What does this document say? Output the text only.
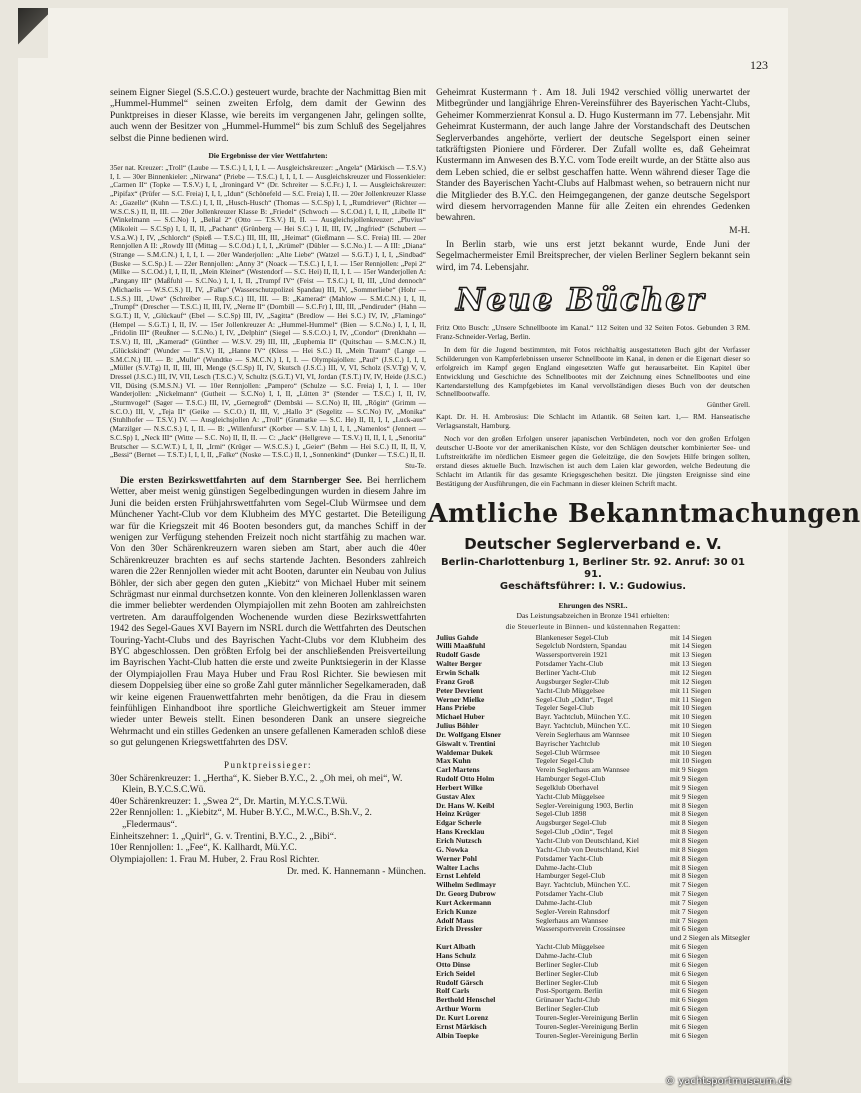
123

seinem Eigner Siegel (S.S.C.O.) gesteuert wurde, brachte der Nachmittag Bien mit „Hummel-Hummel“ seinen zweiten Erfolg, dem damit der Gewinn des Punktpreises in dieser Klasse, wie bereits im vergangenen Jahr, gelingen sollte, auch wenn der Besitzer von „Hummel-Hummel“ bis zum Schluß des Segeljahres selbst die Pinne bedienen wird.

Die Ergebnisse der vier Wettfahrten:

35er nat. Kreuzer: „Troll“ (Laube — T.S.C.) I, I, I, I. — Ausgleichskreuzer: „Angela“ (Märkisch — T.S.V.) I, I. — 30er Binnenkieler: „Nirwana“ (Priebe — T.S.C.) I, I, I, I. — Ausgleichskreuzer und Flossenkieler: „Carmen II“ (Topke — T.S.V.) I, I, „Ironingard V“ (Dr. Schreiter — S.C.Fr.) I, I. — Ausgleichskreuzer: „Pipifax“ (Prüfer — S.C. Freia) I, I, I, „Idun“ (Schönefeld — S.C. Freia) I, II. — 20er Jollenkreuzer Klasse A: „Gazelle“ (Kuhn — T.S.C.) I, I, II, „Husch-Husch“ (Thomas — S.C.Sp) I, I, „Rumdriever“ (Richter — W.S.C.S.) II, II, III. — 20er Jollenkreuzer Klasse B: „Friedel“ (Schwoch — S.C.Od.) I, I, II, „Libelle II“ (Winkelmann — S.C.No) I, „Belial 2“ (Otto — T.S.V.) II, II. — Ausgleichsjollenkreuzer: „Pluvius“ (Mikoleit — S.C.Sp) I, I, II, II, „Pachant“ (Grünberg — Hei S.C.) I, II, III, IV, „Ingfried“ (Schubert — V.S.a.W.) I, IV, „Schlorch“ (Spieß — T.S.C.) III, III, III, „Heimat“ (Gießmann — S.C. Freia) III. — 20er Rennjollen A II: „Rowdy III (Mittag — S.C.Od.) I, I, I, „Krümel“ (Dübler — S.C.No.) I. — A III: „Diana“ (Strange — S.M.C.N.) I, I, I, I. — 20er Wanderjollen: „Alte Liebe“ (Watzel — S.G.T.) I, I, I, „Sindbad“ (Buske — S.C.Sp.) I. — 22er Rennjollen: „Anny 3“ (Noack — T.S.C.) I, I, I. — 15er Rennjollen: „Pepi 2“ (Milke — S.C.Od.) I, I, II, II, „Mein Kleiner“ (Westendorf — S.C. Hei) II, II, I, I. — 15er Wanderjollen A: „Pangany III“ (Maßfuhl — S.C.No.) I, I, I, II, „Trumpf IV“ (Feist — T.S.C.) I, II, III, „Und dennoch“ (Michaelis — W.S.C.S.) II, IV, „Falke“ (Wasserschutzpolizei Spandau) III, IV, „Sommerliebe“ (Hohr — L.S.S.) III, „Uwe“ (Schreiber — Rup.S.C.) III, III. — B: „Kamerad“ (Mahlow — S.M.C.N.) I, I, II, „Trumpf“ (Drescher — T.S.C.) II, III, IV, „Nerne II“ (Dornbill — S.C.Fr) I, III, III, „Pendiruder“ (Hahn — S.G.T.) II, V, „Glückauf“ (Ebel — S.C.Sp) III, IV, „Sagitta“ (Bredlow — Hei S.C.) IV, IV, „Flamingo“ (Hempel — S.G.T.) I, II, IV. — 15er Jollenkreuzer A: „Hummel-Hummel“ (Bien — S.C.No.) I, I, I, II, „Fridolin III“ (Reußner — S.C.No.) I, IV, „Delphin“ (Siegel — S.S.C.O.) I, IV, „Condor“ (Drenkhahn — T.S.V.) II, III, „Kamerad“ (Günther — W.S.V. 29) III, III, „Euphemia II“ (Quitschau — S.M.C.N.) II, „Glückskind“ (Wunder — T.S.V.) II, „Hanne IV“ (Kless — Hei S.C.) II, „Mein Traum“ (Lange — S.M.C.N.) III. — B: „Mulle“ (Wundtke — S.M.C.N.) I, I, I. — Olympiajollen: „Paul“ (J.S.C.) I, I, I, „Müller (S.V.Tg) II, II, III, III, Menge (S.C.Sp) II, IV, Skutsch (J.S.C.) III, V, VI, Scholz (S.V.Tg) V, V, Dressel (J.S.C.) III, IV, VII, Lesch (T.S.C.) V, Schultz (S.G.T.) VI, VI, Jordan (T.S.T.) IV, IV, Heide (J.S.C.) VII, Düsing (S.M.S.N.) VI. — 10er Rennjollen: „Pampero“ (Schulze — S.C. Freia) I, I, I. — 10er Wanderjollen: „Nickelmann“ (Gutheit — S.C.No) I, I, II, „Lütten 3“ (Stender — T.S.C.) I, II, IV, „Sturmvogel“ (Sager — T.S.C.) III, IV, „Gernegroß“ (Dembski — S.C.No) II, III, „Rögin“ (Grimm — S.C.O.) III, V, „Teja II“ (Geike — S.C.O.) II, III, V, „Hallo 3“ (Segelitz — S.C.No) IV, „Monika“ (Stuhlhofer — T.S.V.) IV. — Ausgleichsjollen A: „Troll“ (Gramatke — S.C. He) II, II, I, I, „Luck-aus“ (Marzilger — N.S.C.S.) I, I, II. — B: „Willenfurst“ (Korber — S.V. Lh) I, I, I, „Namenlos“ (Jennert — S.C.Sp) I, „Neck III“ (Witte — S.C. No) II, II, II. — C: „Jack“ (Hellgreve — T.S.V.) II, II, I, I, „Senorita“ Brutscher — S.C.W.T.) I, I, II, „Irmi“ (Krüger — W.S.C.S.) I, „Geier“ (Behm — Hei S.C.) II, II, II, V, „Bessi“ (Bernet — T.S.T.) I, I, I, II, „Falke“ (Noske — T.S.C.) II, I, „Sonnenkind“ (Dunker — T.S.C.) II, II.

Stu-Te.

Die ersten Bezirkswettfahrten auf dem Starnberger See. Bei herrlichem Wetter, aber meist wenig günstigen Segelbedingungen wurden in diesem Jahre im Juni die beiden ersten Frühjahrswettfahrten vom Segel-Club Würmsee und dem Münchener Yacht-Club vor dem Klubheim des MYC gestartet. Die Beteiligung war für die Kriegszeit mit 46 Booten besonders gut, da manches Schiff in der wenigen zur Verfügung stehenden Freizeit noch nicht startfähig zu machen war. Von den 30er Schärenkreuzern waren sieben am Start, aber auch die 40er Schärenkreuzer brachten es auf sechs startende Jachten. Besonders zahlreich waren die 22er Rennjollen wieder mit acht Booten, darunter ein Neubau von Julius Böhler, der sich aber gegen den guten „Kiebitz“ von Michael Huber mit seinem Schrägmast nur einmal durchsetzen konnte. Von den kleineren Jollenklassen waren die immer beliebter werdenden Olympiajollen mit zehn Booten am zahlreichsten vertreten. Am darauffolgenden Wochenende wurden diese Bezirkswettfahrten 1942 des Segel-Gaues XVI Bayern im NSRL durch die Wettfahrten des Deutschen Touring-Yacht-Clubs und des Bayrischen Yacht-Clubs vor dem Klubheim des BYC abgeschlossen. Den größten Erfolg bei der anschließenden Preisverteilung im Bayrischen Yacht-Club hatten die erste und zweite Punktsiegerin in der Klasse der Olympiajollen Frau Maya Huber und Frau Rosl Richter. Sie bewiesen mit diesem Doppelsieg über eine so große Zahl guter männlicher Segelkameraden, daß wir keine eigenen Frauenwettfahrten mehr benötigen, da die Frau in diesem feinfühligen Einhandboot ihre sportliche Gleichwertigkeit am Steuer immer wieder unter Beweis stellt. Einen besonderen Dank an unsere siegreiche Wehrmacht und ein stilles Gedenken an unsere gefallenen Kameraden schloß diese so gut gelungenen Kriegswettfahrten des DSV.

Punktpreissieger:

30er Schärenkreuzer: 1. „Hertha“, K. Sieber B.Y.C., 2. „Oh mei, oh mei“, W. Klein, B.Y.C.S.C.Wü.

40er Schärenkreuzer: 1. „Swea 2“, Dr. Martin, M.Y.C.S.T.Wü.

22er Rennjollen: 1. „Kiebitz“, M. Huber B.Y.C., M.W.C., B.Sh.V., 2. „Fledermaus“.

Einheitszehner: 1. „Quirl“, G. v. Trentini, B.Y.C., 2. „Bibi“.

10er Rennjollen: 1. „Fee“, K. Kallhardt, Mü.Y.C.

Olympiajollen: 1. Frau M. Huber, 2. Frau Rosl Richter.

Dr. med. K. Hannemann - München.

Geheimrat Kustermann †. Am 18. Juli 1942 verschied völlig unerwartet der Mitbegründer und langjährige Ehren-Vereinsführer des Bayerischen Yacht-Clubs, Geheimer Kommerzienrat Konsul a. D. Hugo Kustermann im 77. Lebensjahr. Mit Geheimrat Kustermann, der auch lange Jahre der Vorstandschaft des Deutschen Seglerverbandes angehörte, verliert der deutsche Segelsport einen seiner tatkräftigsten Pioniere und Förderer. Der Zufall wollte es, daß Geheimrat Kustermann im Anwesen des B.Y.C. vom Tode ereilt wurde, an der Stätte also aus dem Leben schied, die er selbst geschaffen hatte. Wenn während dieser Tage die Stander des Bayerischen Yacht-Clubs auf Halbmast wehen, so betrauern nicht nur die Mitglieder des B.Y.C. den Heimgegangenen, der ganze deutsche Segelsport wird diesem hervorragenden Manne für alle Zeiten ein ehrendes Gedenken bewahren.

M-H.

In Berlin starb, wie uns erst jetzt bekannt wurde, Ende Juni der Segelmachermeister Emil Breitsprecher, der vielen Berliner Seglern bekannt sein wird, im 74. Lebensjahr.

Neue Bücher

Fritz Otto Busch: „Unsere Schnellboote im Kanal.“ 112 Seiten und 32 Seiten Fotos. Gebunden 3 RM. Franz-Schneider-Verlag, Berlin.

In dem für die Jugend bestimmten, mit Fotos reichhaltig ausgestatteten Buch gibt der Verfasser Schilderungen von Kampferlebnissen unserer Schnellboote im Kanal, in denen er die Eigenart dieser so erfolgreich im Kampf gegen England eingesetzten Waffe gut herausarbeitet. Ein Kapitel über Entwicklung und Geschichte des Schnellbootes mit der Zeichnung eines Schnellbootes und eine Kartendarstellung des Kampfgebietes im Kanal vervollständigen dieses Buch von der deutschen Schnellbootwaffe.

Günther Grell.

Kapt. Dr. H. H. Ambrosius: Die Schlacht im Atlantik. 68 Seiten kart. 1,— RM. Hanseatische Verlagsanstalt, Hamburg.

Noch vor den großen Erfolgen unserer japanischen Verbündeten, noch vor den großen Erfolgen deutscher U-Boote vor der amerikanischen Küste, vor den Schlägen deutscher kombinierter See- und Luftstreitkräfte im nördlichen Eismeer gegen die Geleitzüge, die den Sowjets Hilfe bringen sollten, erstand dieses aktuelle Buch. Inzwischen ist auch dem Laien klar geworden, welche Bedeutung die Schlacht im Atlantik für das gesamte Kriegsgeschehen besitzt. Die jüngsten Ereignisse sind eine Bestätigung der Ausführungen, die ein Fachmann in dieser kleinen Schrift macht.

Amtliche Bekanntmachungen
Deutscher Seglerverband e. V.

Berlin-Charlottenburg 1, Berliner Str. 92. Anruf: 30 01 91.

Geschäftsführer: I. V.: Gudowius.

Ehrungen des NSRL.
Das Leistungsabzeichen in Bronze 1941 erhielten:
die Steuerleute in Binnen- und küstennahen Regatten:
Julius Gahde	Blankeneser Segel-Club	mit 14 Siegen
Willi Maaßfuhl	Segelclub Nordstern, Spandau	mit 14 Siegen
Rudolf Gasde	Wassersportverein 1921	mit 13 Siegen
Walter Berger	Potsdamer Yacht-Club	mit 13 Siegen
Erwin Schalk	Berliner Yacht-Club	mit 12 Siegen
Franz Groß	Augsburger Segler-Club	mit 12 Siegen
Peter Devrient	Yacht-Club Müggelsee	mit 11 Siegen
Werner Mielke	Segel-Club „Odin“, Tegel	mit 11 Siegen
Hans Priebe	Tegeler Segel-Club	mit 10 Siegen
Michael Huber	Bayr. Yachtclub, München Y.C.	mit 10 Siegen
Julius Böhler	Bayr. Yachtclub, München Y.C.	mit 10 Siegen
Dr. Wolfgang Elsner	Verein Seglerhaus am Wannsee	mit 10 Siegen
Giswalt v. Trentini	Bayrischer Yachtclub	mit 10 Siegen
Waldemar Dukek	Segel-Club Würmsee	mit 10 Siegen
Max Kuhn	Tegeler Segel-Club	mit 10 Siegen
Carl Martens	Verein Seglerhaus am Wannsee	mit 9 Siegen
Rudolf Otto Holm	Hamburger Segel-Club	mit 9 Siegen
Herbert Wilke	Segelklub Oberhavel	mit 9 Siegen
Gustav Alex	Yacht-Club Müggelsee	mit 9 Siegen
Dr. Hans W. Keibl	Segler-Vereinigung 1903, Berlin	mit 8 Siegen
Heinz Krüger	Segel-Club 1898	mit 8 Siegen
Edgar Scherle	Augsburger Segel-Club	mit 8 Siegen
Hans Krecklau	Segel-Club „Odin“, Tegel	mit 8 Siegen
Erich Nutzsch	Yacht-Club von Deutschland, Kiel	mit 8 Siegen
G. Nowka	Yacht-Club von Deutschland, Kiel	mit 8 Siegen
Werner Pohl	Potsdamer Yacht-Club	mit 8 Siegen
Walter Lachs	Dahme-Jacht-Club	mit 8 Siegen
Ernst Lehfeld	Hamburger Segel-Club	mit 8 Siegen
Wilhelm Sedlmayr	Bayr. Yachtclub, München Y.C.	mit 7 Siegen
Dr. Georg Dubrow	Potsdamer Yacht-Club	mit 7 Siegen
Kurt Ackermann	Dahme-Jacht-Club	mit 7 Siegen
Erich Kunze	Segler-Verein Rahnsdorf	mit 7 Siegen
Adolf Maus	Seglerhaus am Wannsee	mit 7 Siegen
Erich Dressler	Wassersportverein Crossinsee	mit 6 Siegen
		und 2 Siegen als Mitsegler
Kurt Albath	Yacht-Club Müggelsee	mit 6 Siegen
Hans Schulz	Dahme-Jacht-Club	mit 6 Siegen
Otto Dinse	Berliner Segler-Club	mit 6 Siegen
Erich Seidel	Berliner Segler-Club	mit 6 Siegen
Rudolf Gärsch	Berliner Segler-Club	mit 6 Siegen
Rolf Carls	Post-Sportgem. Berlin	mit 6 Siegen
Berthold Henschel	Grünauer Yacht-Club	mit 6 Siegen
Arthur Worm	Berliner Segler-Club	mit 6 Siegen
Dr. Kurt Lorenz	Touren-Segler-Vereinigung Berlin	mit 6 Siegen
Ernst Märkisch	Touren-Segler-Vereinigung Berlin	mit 6 Siegen
Albin Toepke	Touren-Segler-Vereinigung Berlin	mit 6 Siegen
© yachtsportmuseum.de
